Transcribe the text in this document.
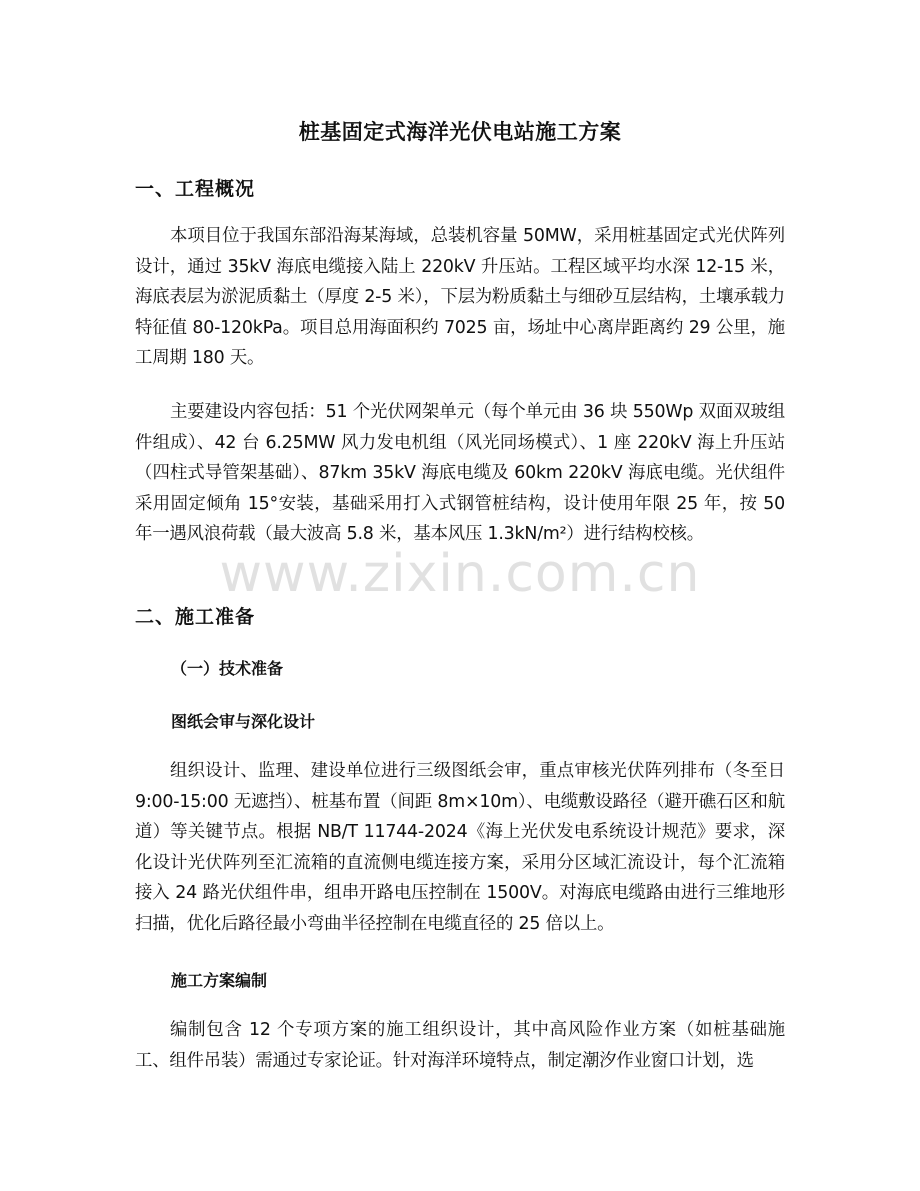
桩基固定式海洋光伏电站施工方案
一、工程概况

本项目位于我国东部沿海某海域，总装机容量 50MW，采用桩基固定式光伏阵列设计，通过 35kV 海底电缆接入陆上 220kV 升压站。工程区域平均水深 12-15 米，海底表层为淤泥质黏土（厚度 2-5 米），下层为粉质黏土与细砂互层结构，土壤承载力特征值 80-120kPa。项目总用海面积约 7025 亩，场址中心离岸距离约 29 公里，施工周期 180 天。

主要建设内容包括：51 个光伏网架单元（每个单元由 36 块 550Wp 双面双玻组件组成）、42 台 6.25MW 风力发电机组（风光同场模式）、1 座 220kV 海上升压站（四柱式导管架基础）、87km 35kV 海底电缆及 60km 220kV 海底电缆。光伏组件采用固定倾角 15°安装，基础采用打入式钢管桩结构，设计使用年限 25 年，按 50 年一遇风浪荷载（最大波高 5.8 米，基本风压 1.3kN/m²）进行结构校核。

二、施工准备
（一）技术准备
图纸会审与深化设计

组织设计、监理、建设单位进行三级图纸会审，重点审核光伏阵列排布（冬至日 9:00-15:00 无遮挡）、桩基布置（间距 8m×10m）、电缆敷设路径（避开礁石区和航道）等关键节点。根据 NB/T 11744-2024《海上光伏发电系统设计规范》要求，深化设计光伏阵列至汇流箱的直流侧电缆连接方案，采用分区域汇流设计，每个汇流箱接入 24 路光伏组件串，组串开路电压控制在 1500V。对海底电缆路由进行三维地形扫描，优化后路径最小弯曲半径控制在电缆直径的 25 倍以上。

施工方案编制

编制包含 12 个专项方案的施工组织设计，其中高风险作业方案（如桩基础施工、组件吊装）需通过专家论证。针对海洋环境特点，制定潮汐作业窗口计划，选

www.zixin.com.cn
